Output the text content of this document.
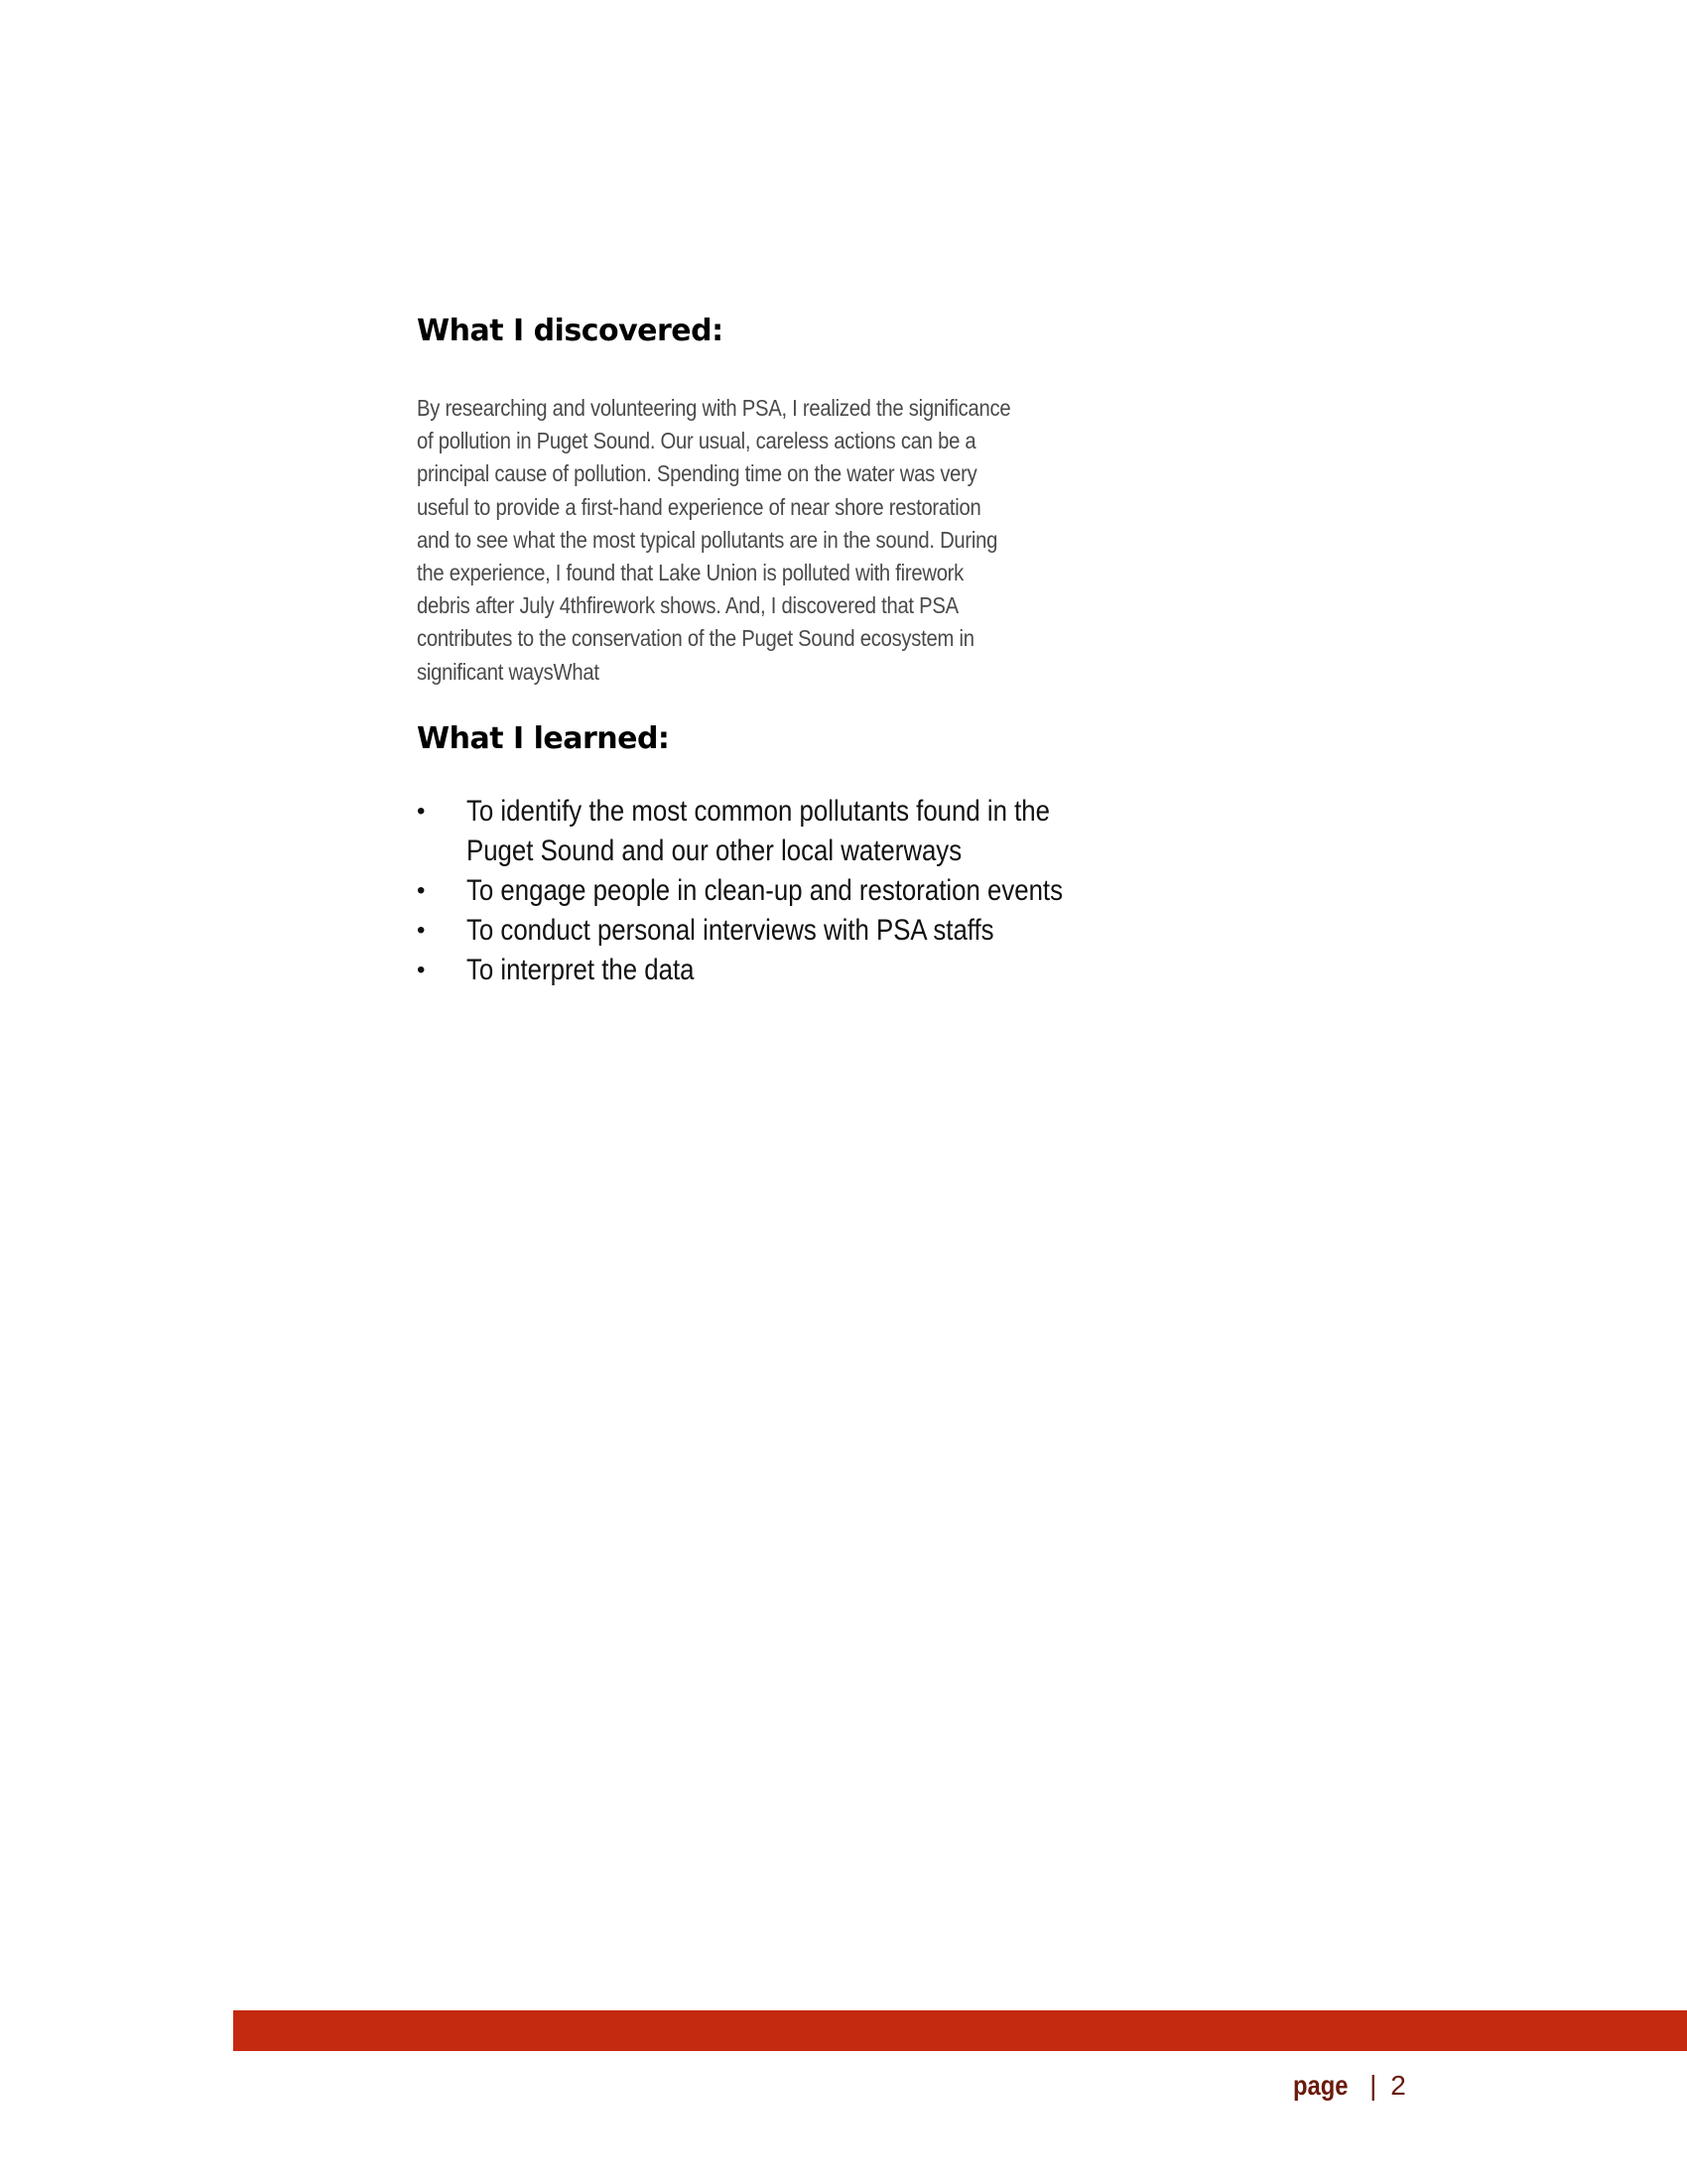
What I discovered:

By researching and volunteering with PSA, I realized the significance
of pollution in Puget Sound. Our usual, careless actions can be a
principal cause of pollution. Spending time on the water was very
useful to provide a first-hand experience of near shore restoration
and to see what the most typical pollutants are in the sound. During
the experience, I found that Lake Union is polluted with firework
debris after July 4thfirework shows. And, I discovered that PSA
contributes to the conservation of the Puget Sound ecosystem in
significant waysWhat

What I learned:
• To identify the most common pollutants found in the
Puget Sound and our other local waterways
• To engage people in clean-up and restoration events
• To conduct personal interviews with PSA staffs
• To interpret the data
page | 2
